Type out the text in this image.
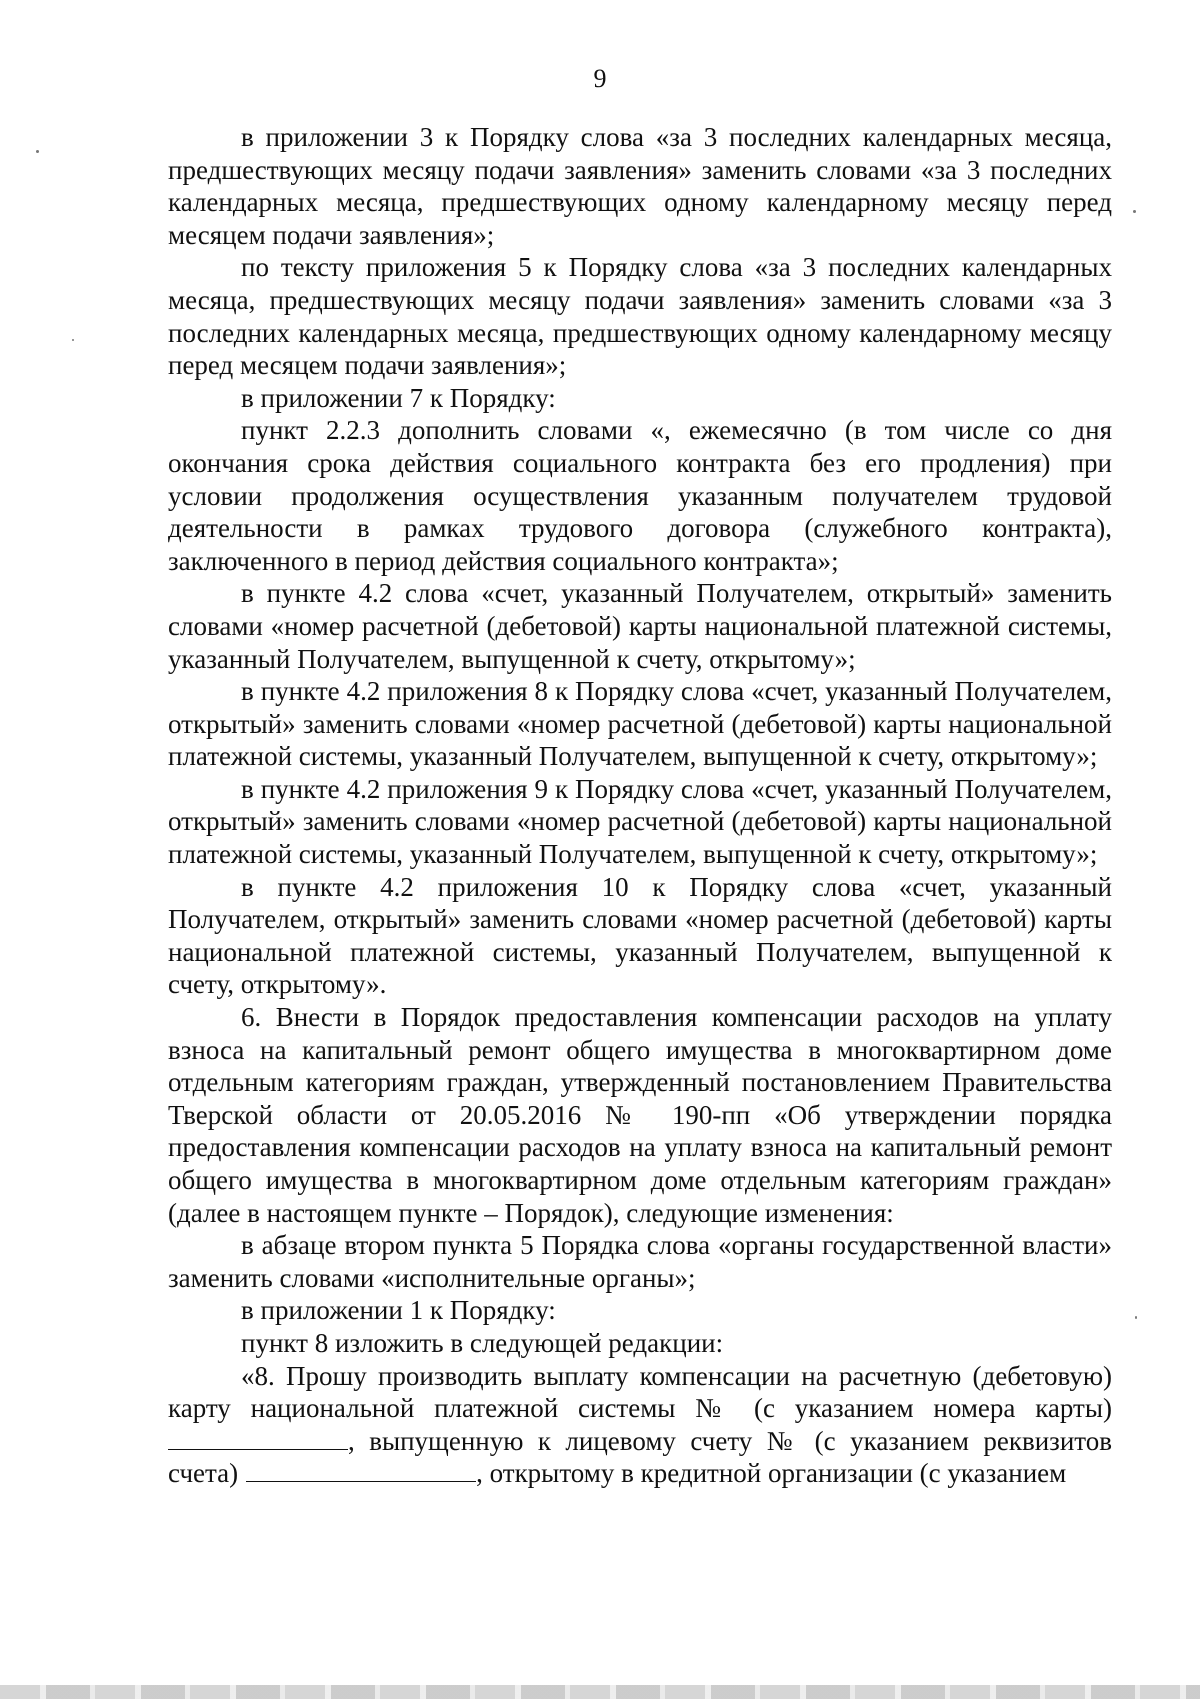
9

в приложении 3 к Порядку слова «за 3 последних календарных месяца, предшествующих месяцу подачи заявления» заменить словами «за 3 последних календарных месяца, предшествующих одному календарному месяцу перед месяцем подачи заявления»;

по тексту приложения 5 к Порядку слова «за 3 последних календарных месяца, предшествующих месяцу подачи заявления» заменить словами «за 3 последних календарных месяца, предшествующих одному календарному месяцу перед месяцем подачи заявления»;

в приложении 7 к Порядку:

пункт 2.2.3 дополнить словами «, ежемесячно (в том числе со дня окончания срока действия социального контракта без его продления) при условии продолжения осуществления указанным получателем трудовой деятельности в рамках трудового договора (служебного контракта), заключенного в период действия социального контракта»;

в пункте 4.2 слова «счет, указанный Получателем, открытый» заменить словами «номер расчетной (дебетовой) карты национальной платежной системы, указанный Получателем, выпущенной к счету, открытому»;

в пункте 4.2 приложения 8 к Порядку слова «счет, указанный Получателем, открытый» заменить словами «номер расчетной (дебетовой) карты национальной платежной системы, указанный Получателем, выпущенной к счету, открытому»;

в пункте 4.2 приложения 9 к Порядку слова «счет, указанный Получателем, открытый» заменить словами «номер расчетной (дебетовой) карты национальной платежной системы, указанный Получателем, выпущенной к счету, открытому»;

в пункте 4.2 приложения 10 к Порядку слова «счет, указанный Получателем, открытый» заменить словами «номер расчетной (дебетовой) карты национальной платежной системы, указанный Получателем, выпущенной к счету, открытому».

6. Внести в Порядок предоставления компенсации расходов на уплату взноса на капитальный ремонт общего имущества в многоквартирном доме отдельным категориям граждан, утвержденный постановлением Правительства Тверской области от 20.05.2016 № 190-пп «Об утверждении порядка предоставления компенсации расходов на уплату взноса на капитальный ремонт общего имущества в многоквартирном доме отдельным категориям граждан» (далее в настоящем пункте – Порядок), следующие изменения:

в абзаце втором пункта 5 Порядка слова «органы государственной власти» заменить словами «исполнительные органы»;

в приложении 1 к Порядку:

пункт 8 изложить в следующей редакции:

«8. Прошу производить выплату компенсации на расчетную (дебетовую) карту национальной платежной системы № (с указанием номера карты) , выпущенную к лицевому счету № (с указанием реквизитов счета)	, открытому в кредитной организации (с указанием
